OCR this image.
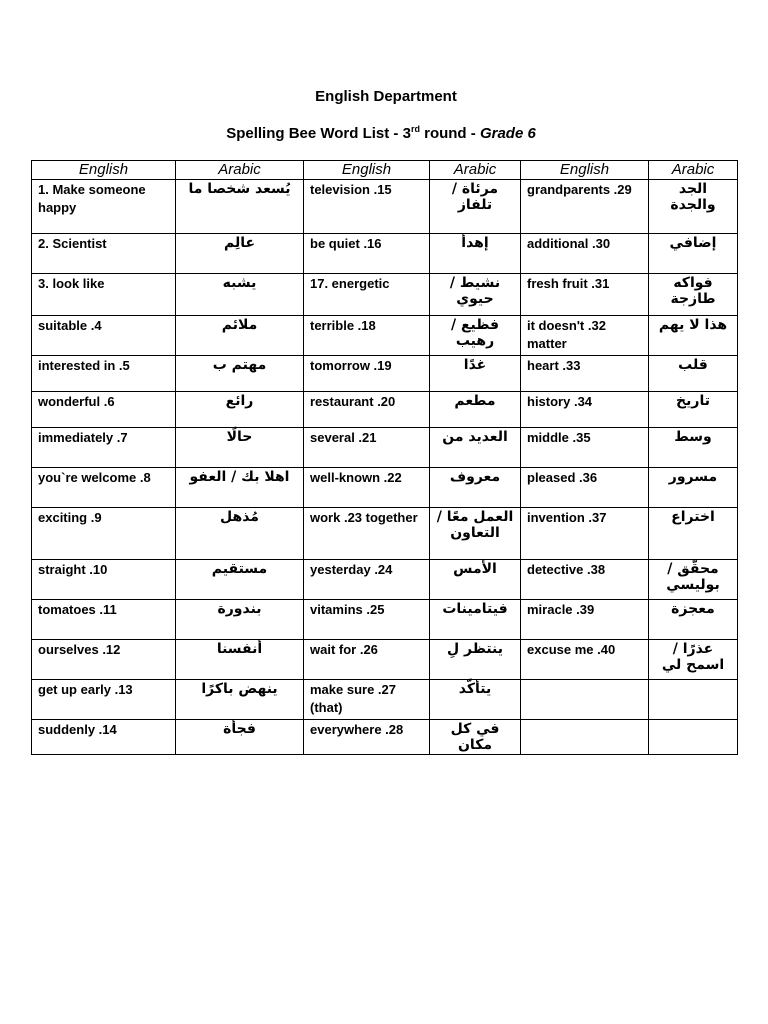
English Department
Spelling Bee Word List - 3rd round - Grade 6
English	Arabic	English	Arabic	English	Arabic
1. Make someone happy	يُسعد شخصا ما	television .15	مرئاة / تلفاز	grandparents .29	الجد والجدة
2. Scientist	عالِم	be quiet .16	إهدأ	additional .30	إضافي
3. look like	يشبه	17. energetic	نشيط / حيوي	fresh fruit .31	فواكه طازجة
suitable .4	ملائم	terrible .18	فظيع / رهيب	it doesn't .32 matter	هذا لا يهم
interested in .5	مهتم ب	tomorrow .19	غدًا	heart .33	قلب
wonderful .6	رائع	restaurant .20	مطعم	history .34	تاريخ
immediately .7	حالًا	several .21	العديد من	middle .35	وسط
you`re welcome .8	اهلا بك / العفو	well-known .22	معروف	pleased .36	مسرور
exciting .9	مُذهل	work .23 together	العمل معًا / التعاون	invention .37	اختراع
straight .10	مستقيم	yesterday .24	الأمس	detective .38	محقّق / بوليسي
tomatoes .11	بندورة	vitamins .25	فيتامينات	miracle .39	معجزة
ourselves .12	أنفسنا	wait for .26	ينتظر لِ	excuse me .40	عذرًا / اسمح لي
get up early .13	ينهض باكرًا	make sure .27 (that)	يتأكّد		
suddenly .14	فجأة	everywhere .28	في كل مكان		
